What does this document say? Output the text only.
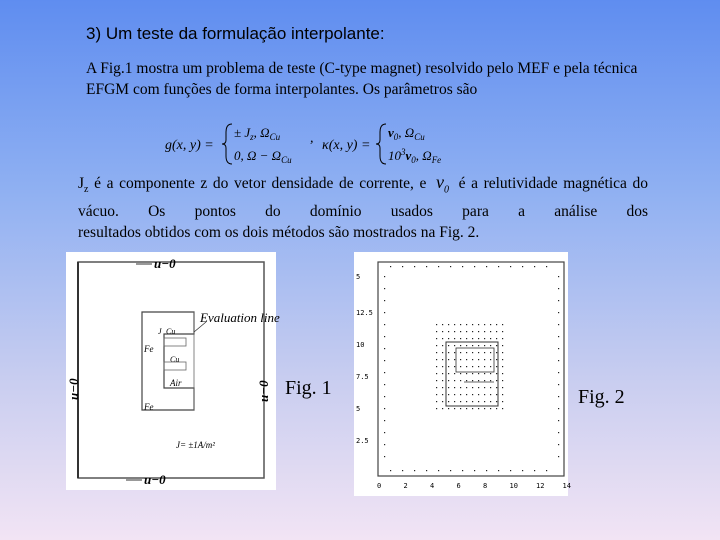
3) Um teste da formulação interpolante:
A Fig.1 mostra um problema de teste (C-type magnet) resolvido pelo MEF e pela técnica EFGM com funções de forma interpolantes. Os parâmetros são
g(x, y) =
± $J_z$, $\Omega_{Cu}$
0, $\Omega - \Omega_{Cu}$
, κ(x, y) =
$\nu_0$, $\Omega_{Cu}$
$10^3\nu_0$, $\Omega_{Fe}$
$J_z$ é a componente z do vetor densidade de corrente, e $\nu_0$ é a relutividade magnética do vácuo. Os pontos do domínio usados para a análise dos
resultados obtidos com os dois métodos são mostrados na Fig. 2.
u−0
u−0
u−0	u−0
Evaluation line
J Cu
Fe
Cu
Air
Fe
J= ±1A/m²
Fig. 1
5
12.5
10
7.5
5
2.5
0	2	4	6	8	10	12	14
Fig. 2
